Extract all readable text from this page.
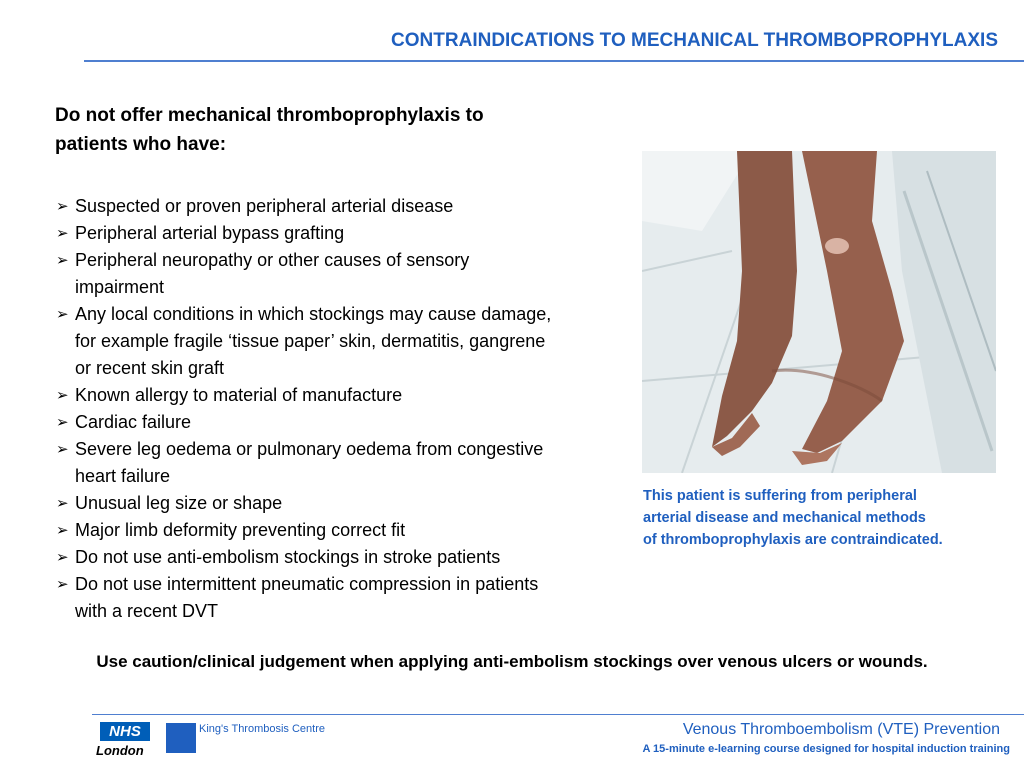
CONTRAINDICATIONS TO MECHANICAL THROMBOPROPHYLAXIS
Do not offer mechanical thromboprophylaxis to
patients who have:
➢ Suspected or proven peripheral arterial disease
➢ Peripheral arterial bypass grafting
➢ Peripheral neuropathy or other causes of sensory
impairment
➢ Any local conditions in which stockings may cause damage,
for example fragile ‘tissue paper’ skin, dermatitis, gangrene
or recent skin graft
➢ Known allergy to material of manufacture
➢ Cardiac failure
➢ Severe leg oedema or pulmonary oedema from congestive
heart failure
➢ Unusual leg size or shape
➢ Major limb deformity preventing correct fit
➢ Do not use anti-embolism stockings in stroke patients
➢ Do not use intermittent pneumatic compression in patients
with a recent DVT
This patient is suffering from peripheral
arterial disease and mechanical methods
of thromboprophylaxis are contraindicated.
Use caution/clinical judgement when applying anti-embolism stockings over venous ulcers or wounds.
NHS
London
King's Thrombosis Centre	Venous Thromboembolism (VTE) Prevention
A 15-minute e-learning course designed for hospital induction training
